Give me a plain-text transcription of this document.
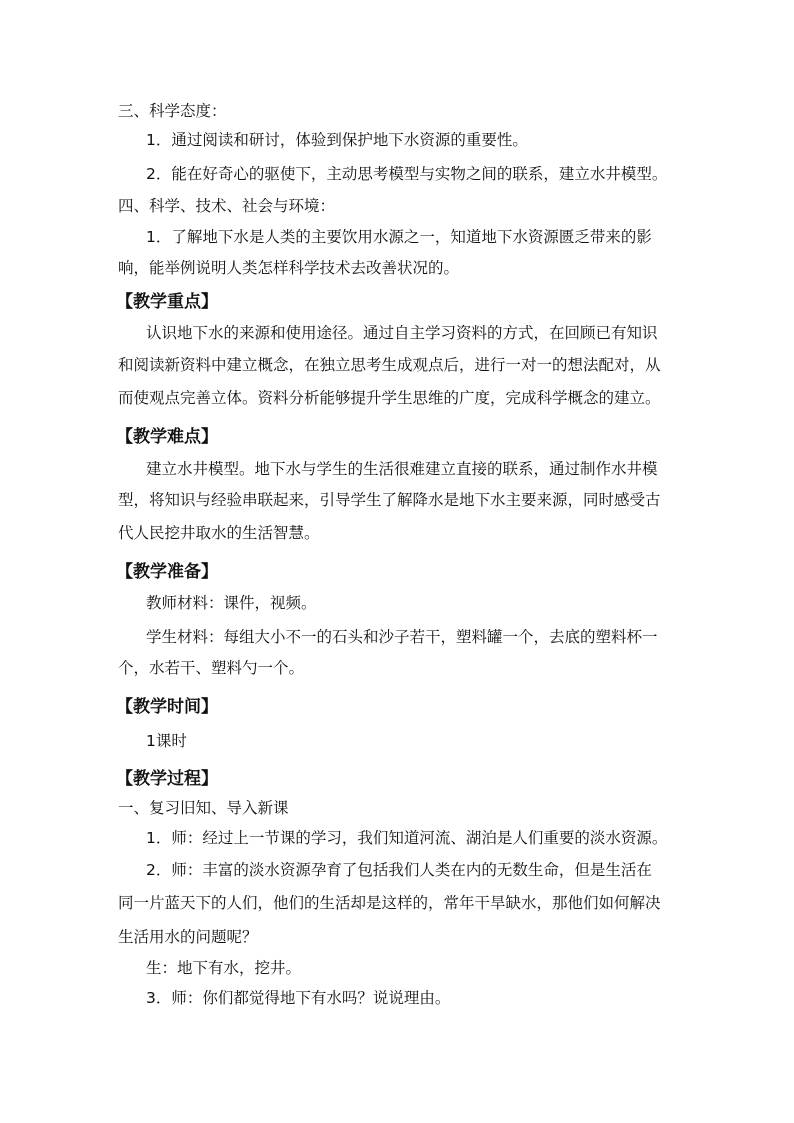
三、科学态度：
1．通过阅读和研讨，体验到保护地下水资源的重要性。
2．能在好奇心的驱使下，主动思考模型与实物之间的联系，建立水井模型。
四、科学、技术、社会与环境：
1．了解地下水是人类的主要饮用水源之一，知道地下水资源匮乏带来的影
响，能举例说明人类怎样科学技术去改善状况的。
【教学重点】
认识地下水的来源和使用途径。通过自主学习资料的方式，在回顾已有知识
和阅读新资料中建立概念，在独立思考生成观点后，进行一对一的想法配对，从
而使观点完善立体。资料分析能够提升学生思维的广度，完成科学概念的建立。
【教学难点】
建立水井模型。地下水与学生的生活很难建立直接的联系，通过制作水井模
型，将知识与经验串联起来，引导学生了解降水是地下水主要来源，同时感受古
代人民挖井取水的生活智慧。
【教学准备】
教师材料：课件，视频。
学生材料：每组大小不一的石头和沙子若干，塑料罐一个，去底的塑料杯一
个，水若干、塑料勺一个。
【教学时间】
1课时
【教学过程】
一、复习旧知、导入新课
1．师：经过上一节课的学习，我们知道河流、湖泊是人们重要的淡水资源。
2．师：丰富的淡水资源孕育了包括我们人类在内的无数生命，但是生活在
同一片蓝天下的人们，他们的生活却是这样的，常年干旱缺水，那他们如何解决
生活用水的问题呢？
生：地下有水，挖井。
3．师：你们都觉得地下有水吗？说说理由。
